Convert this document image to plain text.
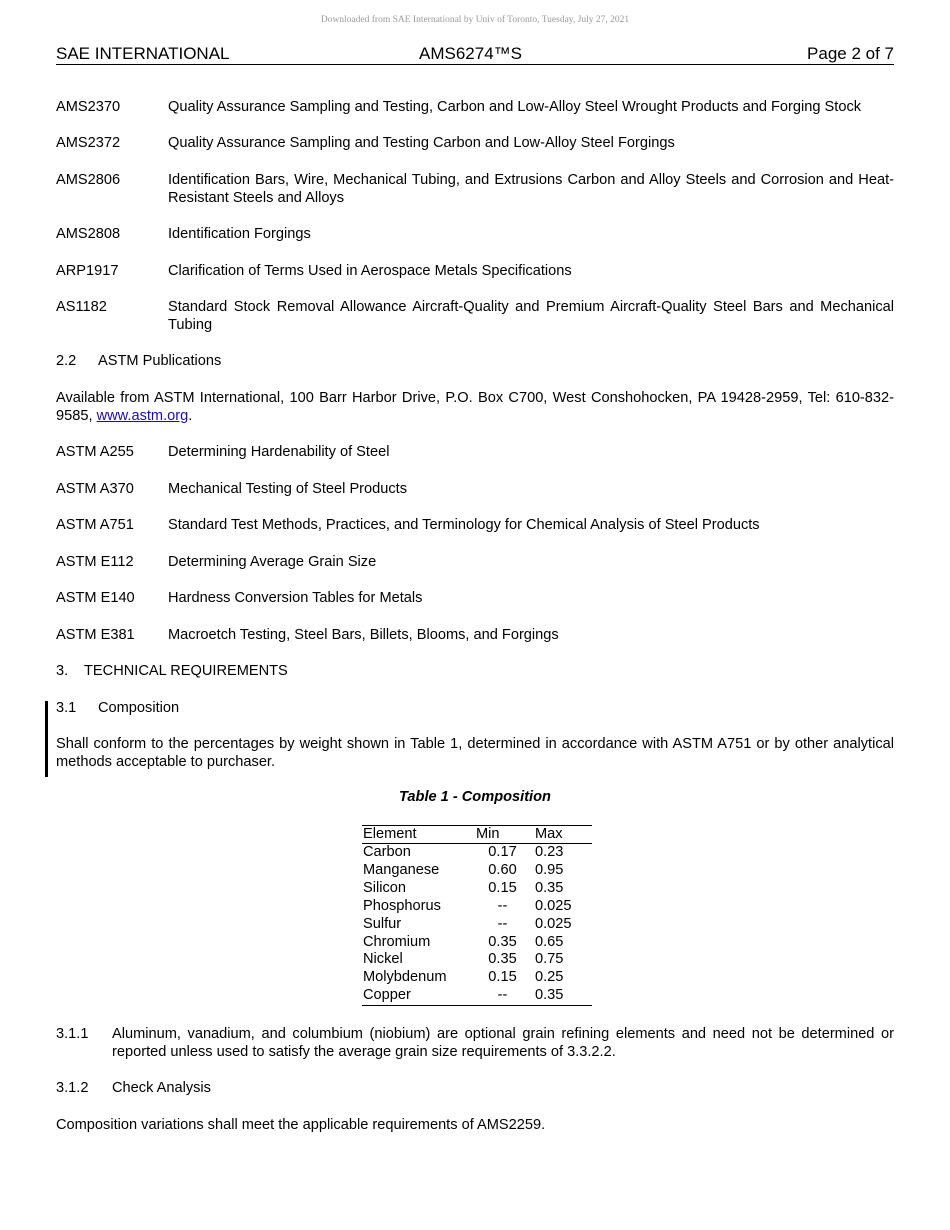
Downloaded from SAE International by Univ of Toronto, Tuesday, July 27, 2021
SAE INTERNATIONAL	AMS6274™S	Page 2 of 7
AMS2370	Quality Assurance Sampling and Testing, Carbon and Low-Alloy Steel Wrought Products and Forging Stock
AMS2372	Quality Assurance Sampling and Testing Carbon and Low-Alloy Steel Forgings
AMS2806	Identification Bars, Wire, Mechanical Tubing, and Extrusions Carbon and Alloy Steels and Corrosion and Heat-Resistant Steels and Alloys
AMS2808	Identification Forgings
ARP1917	Clarification of Terms Used in Aerospace Metals Specifications
AS1182	Standard Stock Removal Allowance Aircraft-Quality and Premium Aircraft-Quality Steel Bars and Mechanical Tubing
2.2 ASTM Publications
Available from ASTM International, 100 Barr Harbor Drive, P.O. Box C700, West Conshohocken, PA 19428-2959, Tel: 610-832-9585, www.astm.org.
ASTM A255	Determining Hardenability of Steel
ASTM A370	Mechanical Testing of Steel Products
ASTM A751	Standard Test Methods, Practices, and Terminology for Chemical Analysis of Steel Products
ASTM E112	Determining Average Grain Size
ASTM E140	Hardness Conversion Tables for Metals
ASTM E381	Macroetch Testing, Steel Bars, Billets, Blooms, and Forgings
3. TECHNICAL REQUIREMENTS
3.1 Composition
Shall conform to the percentages by weight shown in Table 1, determined in accordance with ASTM A751 or by other analytical methods acceptable to purchaser.
Table 1 - Composition
Element	Min	Max
Carbon	0.17	0.23
Manganese	0.60	0.95
Silicon	0.15	0.35
Phosphorus	--	0.025
Sulfur	--	0.025
Chromium	0.35	0.65
Nickel	0.35	0.75
Molybdenum	0.15	0.25
Copper	--	0.35
3.1.1 Aluminum, vanadium, and columbium (niobium) are optional grain refining elements and need not be determined or reported unless used to satisfy the average grain size requirements of 3.3.2.2.
3.1.2 Check Analysis
Composition variations shall meet the applicable requirements of AMS2259.
